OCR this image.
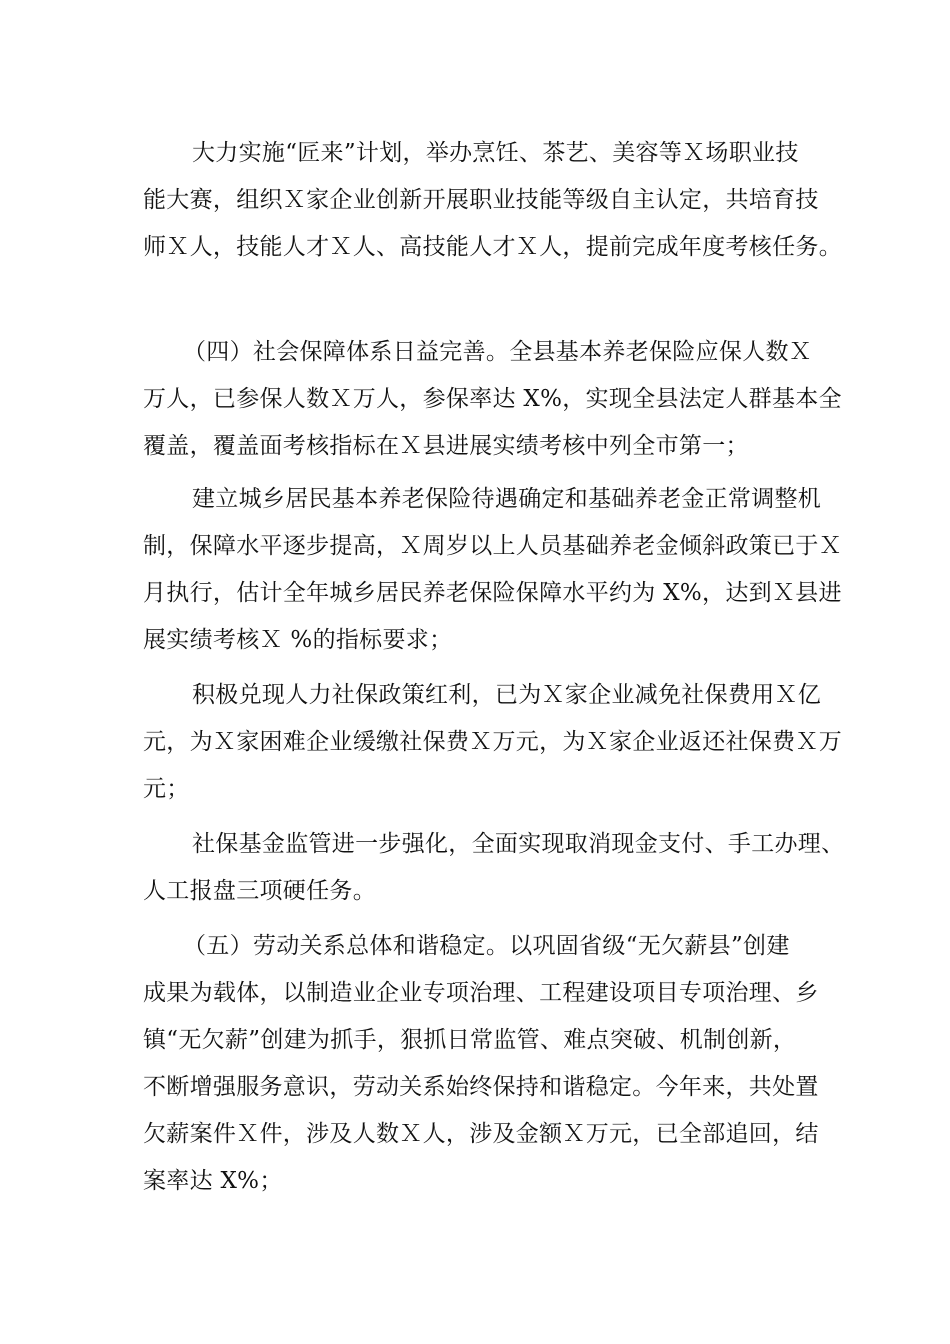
大力实施“匠来”计划，举办烹饪、茶艺、美容等Ｘ场职业技
能大赛，组织Ｘ家企业创新开展职业技能等级自主认定，共培育技
师Ｘ人，技能人才Ｘ人、高技能人才Ｘ人，提前完成年度考核任务。
（四）社会保障体系日益完善。全县基本养老保险应保人数Ｘ
万人，已参保人数Ｘ万人，参保率达 X%，实现全县法定人群基本全
覆盖，覆盖面考核指标在Ｘ县进展实绩考核中列全市第一；
建立城乡居民基本养老保险待遇确定和基础养老金正常调整机
制，保障水平逐步提高，Ｘ周岁以上人员基础养老金倾斜政策已于Ｘ
月执行，估计全年城乡居民养老保险保障水平约为 X%，达到Ｘ县进
展实绩考核Ｘ %的指标要求；
积极兑现人力社保政策红利，已为Ｘ家企业减免社保费用Ｘ亿
元，为Ｘ家困难企业缓缴社保费Ｘ万元，为Ｘ家企业返还社保费Ｘ万
元；
社保基金监管进一步强化，全面实现取消现金支付、手工办理、
人工报盘三项硬任务。
（五）劳动关系总体和谐稳定。以巩固省级“无欠薪县”创建
成果为载体，以制造业企业专项治理、工程建设项目专项治理、乡
镇“无欠薪”创建为抓手，狠抓日常监管、难点突破、机制创新，
不断增强服务意识，劳动关系始终保持和谐稳定。今年来，共处置
欠薪案件Ｘ件，涉及人数Ｘ人，涉及金额Ｘ万元，已全部追回，结
案率达 X%；
